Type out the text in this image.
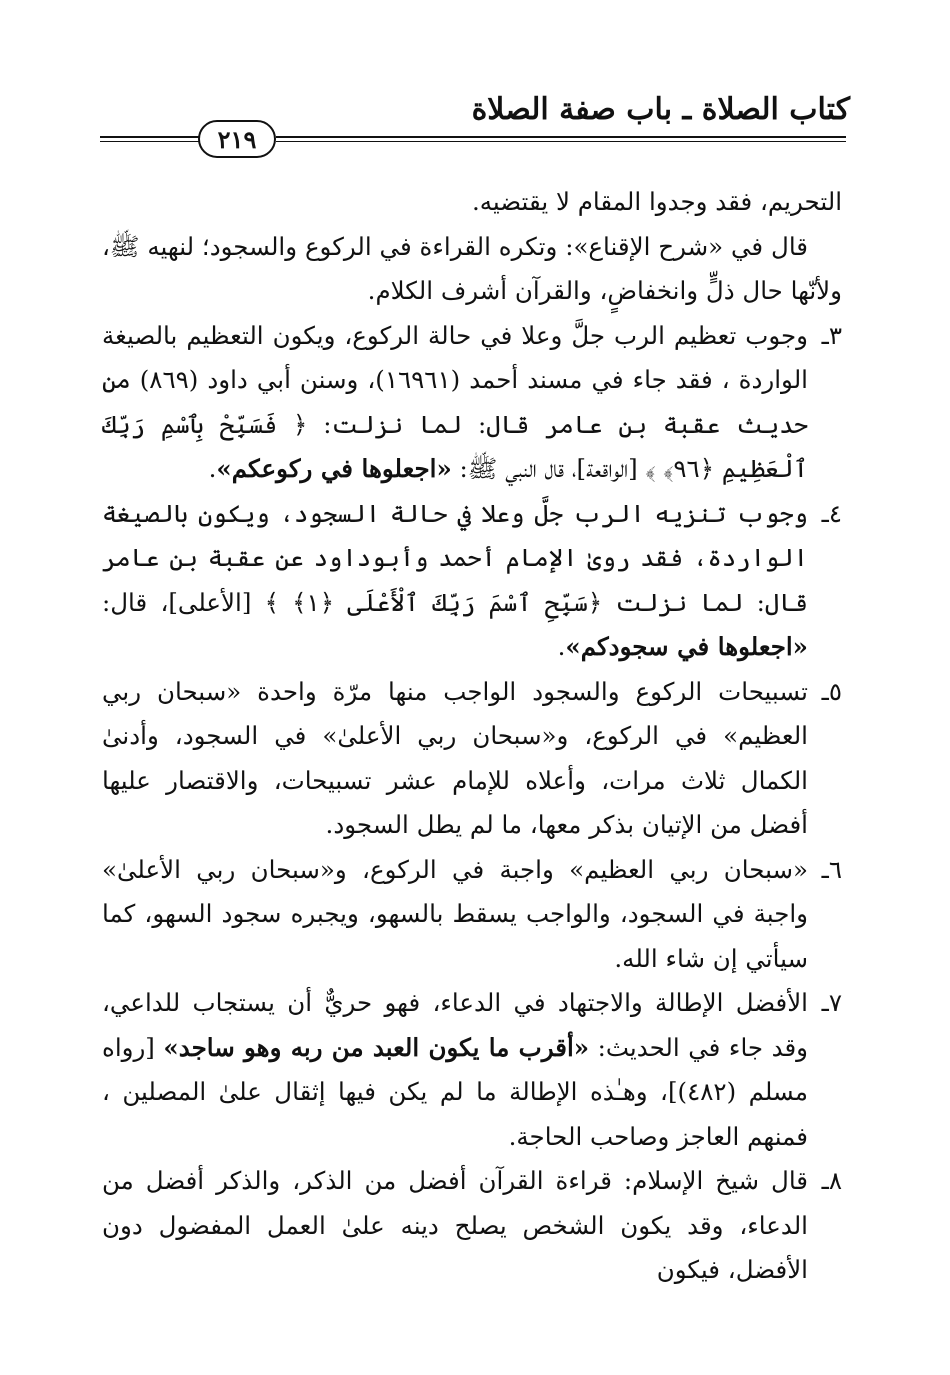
كتاب الصلاة ـ باب صفة الصلاة
٢١٩

التحريم، فقد وجدوا المقام لا يقتضيه.

قال في «شرح الإقناع»: وتكره القراءة في الركوع والسجود؛ لنهيه ﷺ، ولأنّها حال ذلٍّ وانخفاضٍ، والقرآن أشرف الكلام.

٣ـ
وجوب تعظيم الرب جلَّ وعلا في حالة الركوع، ويكون التعظيم بالصيغة الواردة ، فقد جاء في مسند أحمد (١٦٩٦١)، وسنن أبي داود (٨٦٩) من حديث عقبة بن عامر قال: لما نزلت: ﴿ فَسَبِّحْ بِٱسْمِ رَبِّكَ ٱلْعَظِيمِ ﴿٩٦﴾ ﴾ [الواقعة]، قال النبي ﷺ: «اجعلوها في ركوعكم».
٤ـ
وجوب تنزيه الرب جلَّ وعلا في حالة السجود، ويكون بالصيغة الواردة، فقد روىٰ الإمام أحمد وأبوداود عن عقبة بن عامر قال: لما نزلت ﴿سَبِّحِ ٱسْمَ رَبِّكَ ٱلْأَعْلَى ﴿١﴾ ﴾ [الأعلى]، قال: «اجعلوها في سجودكم».
٥ـ
تسبيحات الركوع والسجود الواجب منها مرّة واحدة «سبحان ربي العظيم» في الركوع، و«سبحان ربي الأعلىٰ» في السجود، وأدنىٰ الكمال ثلاث مرات، وأعلاه للإمام عشر تسبيحات، والاقتصار عليها أفضل من الإتيان بذكر معها، ما لم يطل السجود.
٦ـ
«سبحان ربي العظيم» واجبة في الركوع، و«سبحان ربي الأعلىٰ» واجبة في السجود، والواجب يسقط بالسهو، ويجبره سجود السهو، كما سيأتي إن شاء الله.
٧ـ
الأفضل الإطالة والاجتهاد في الدعاء، فهو حريٌّ أن يستجاب للداعي، وقد جاء في الحديث: «أقرب ما يكون العبد من ربه وهو ساجد» [رواه مسلم (٤٨٢)]، وهـٰذه الإطالة ما لم يكن فيها إثقال علىٰ المصلين ، فمنهم العاجز وصاحب الحاجة.
٨ـ
قال شيخ الإسلام: قراءة القرآن أفضل من الذكر، والذكر أفضل من الدعاء، وقد يكون الشخص يصلح دينه علىٰ العمل المفضول دون الأفضل، فيكون
